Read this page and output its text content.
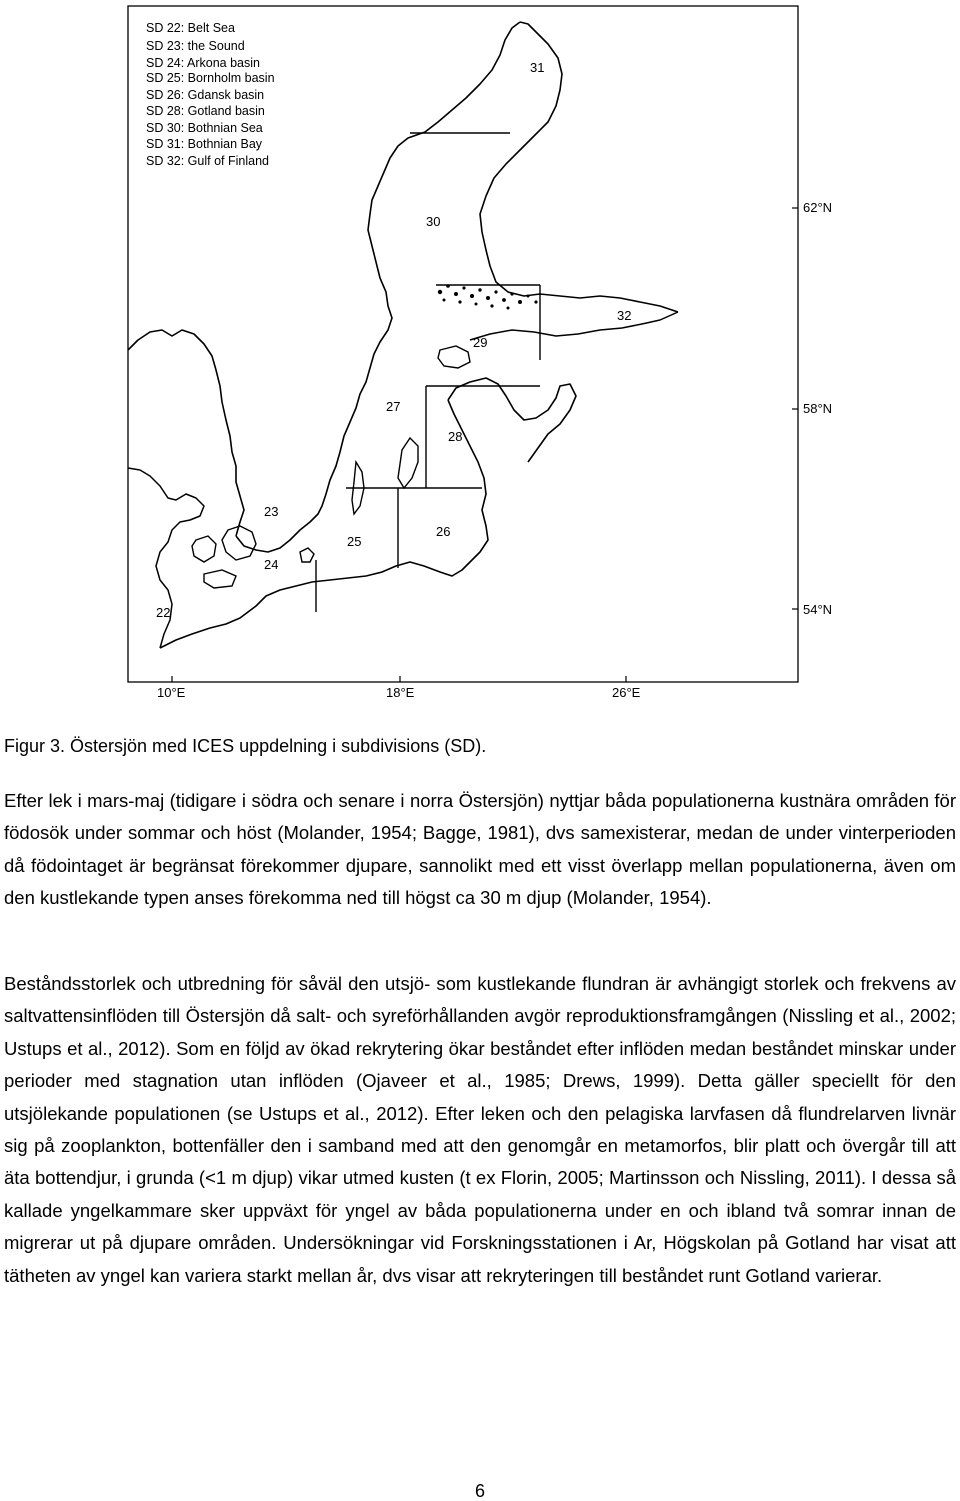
SD 22: Belt Sea
SD 23: the Sound
SD 24: Arkona basin
SD 25: Bornholm basin
SD 26: Gdansk basin
SD 28: Gotland basin
SD 30: Bothnian Sea
SD 31: Bothnian Bay
SD 32: Gulf of Finland
31
30
32
29
27
28
23
25
26
24
22
62°N
58°N
54°N
10°E	18°E	26°E
Figur 3. Östersjön med ICES uppdelning i subdivisions (SD).
Efter lek i mars-maj (tidigare i södra och senare i norra Östersjön) nyttjar båda populationerna kustnära områden för födosök under sommar och höst (Molander, 1954; Bagge, 1981), dvs samexisterar, medan de under vinterperioden då födointaget är begränsat förekommer djupare, sannolikt med ett visst överlapp mellan populationerna, även om den kustlekande typen anses förekomma ned till högst ca 30 m djup (Molander, 1954).
Beståndsstorlek och utbredning för såväl den utsjö- som kustlekande flundran är avhängigt storlek och frekvens av saltvattensinflöden till Östersjön då salt- och syreförhållanden avgör reproduktionsframgången (Nissling et al., 2002; Ustups et al., 2012). Som en följd av ökad rekrytering ökar beståndet efter inflöden medan beståndet minskar under perioder med stagnation utan inflöden (Ojaveer et al., 1985; Drews, 1999). Detta gäller speciellt för den utsjölekande populationen (se Ustups et al., 2012). Efter leken och den pelagiska larvfasen då flundrelarven livnär sig på zooplankton, bottenfäller den i samband med att den genomgår en metamorfos, blir platt och övergår till att äta bottendjur, i grunda (<1 m djup) vikar utmed kusten (t ex Florin, 2005; Martinsson och Nissling, 2011). I dessa så kallade yngelkammare sker uppväxt för yngel av båda populationerna under en och ibland två somrar innan de migrerar ut på djupare områden. Undersökningar vid Forskningsstationen i Ar, Högskolan på Gotland har visat att tätheten av yngel kan variera starkt mellan år, dvs visar att rekryteringen till beståndet runt Gotland varierar.
6
